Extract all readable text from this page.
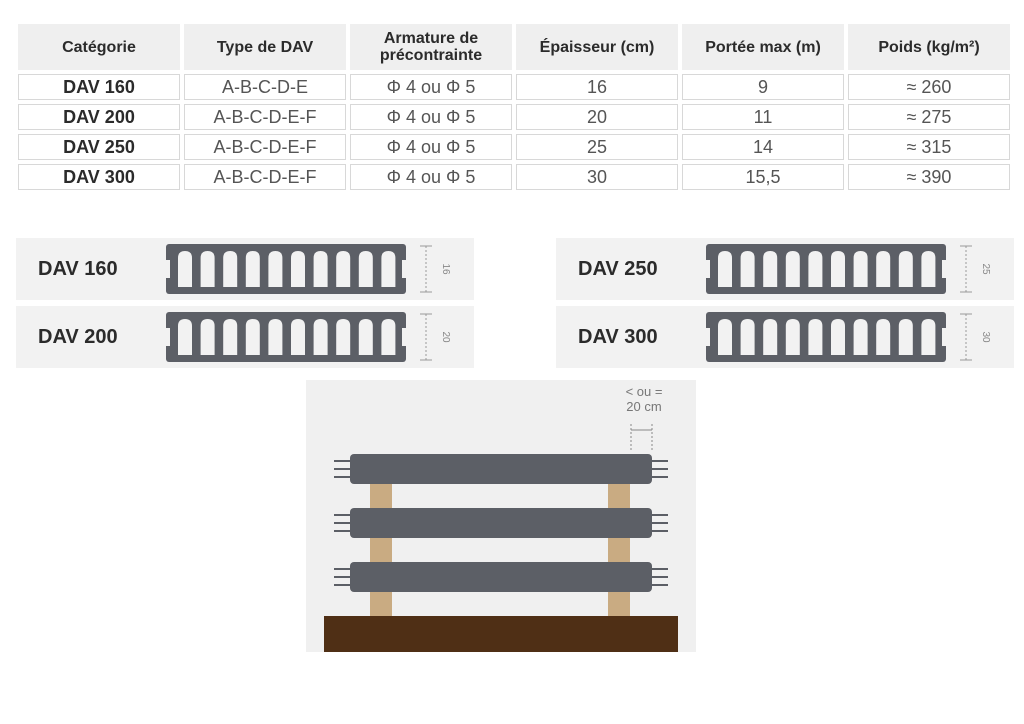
Catégorie	Type de DAV	Armature de précontrainte	Épaisseur (cm)	Portée max (m)	Poids (kg/m²)
DAV 160	A-B-C-D-E	Φ 4 ou Φ 5	16	9	≈ 260
DAV 200	A-B-C-D-E-F	Φ 4 ou Φ 5	20	11	≈ 275
DAV 250	A-B-C-D-E-F	Φ 4 ou Φ 5	25	14	≈ 315
DAV 300	A-B-C-D-E-F	Φ 4 ou Φ 5	30	15,5	≈ 390
DAV 160	16
DAV 200	20
DAV 250	25
DAV 300	30
< ou =
20 cm
